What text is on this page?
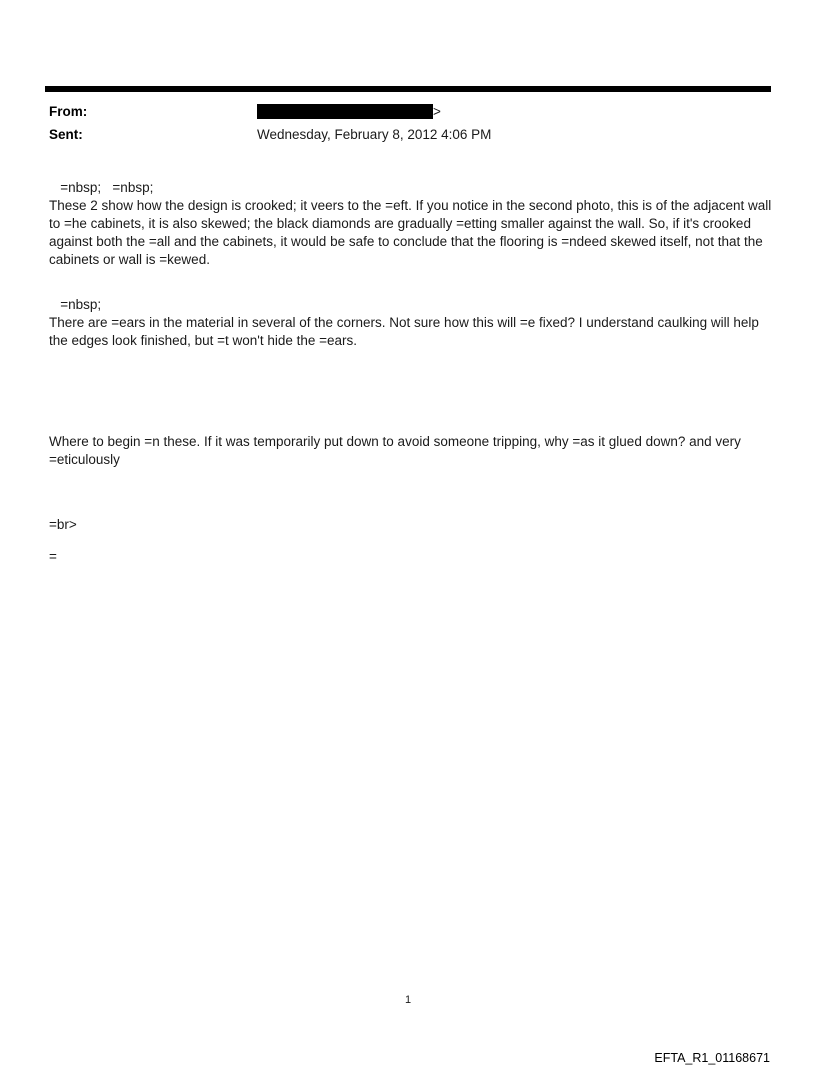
From:	>
Sent:	Wednesday, February 8, 2012 4:06 PM

=nbsp;   =nbsp;

These 2 show how the design is crooked; it veers to the =eft. If you notice in the second photo, this is of the adjacent wall to =he cabinets, it is also skewed; the black diamonds are gradually =etting smaller against the wall. So, if it's crooked against both the =all and the cabinets, it would be safe to conclude that the flooring is =ndeed skewed itself, not that the cabinets or wall is =kewed.

=nbsp;

There are =ears in the material in several of the corners. Not sure how this will =e fixed? I understand caulking will help the edges look finished, but =t won't hide the =ears.

Where to begin =n these. If it was temporarily put down to avoid someone tripping, why =as it glued down? and very =eticulously

=br>

=

1
EFTA_R1_01168671
